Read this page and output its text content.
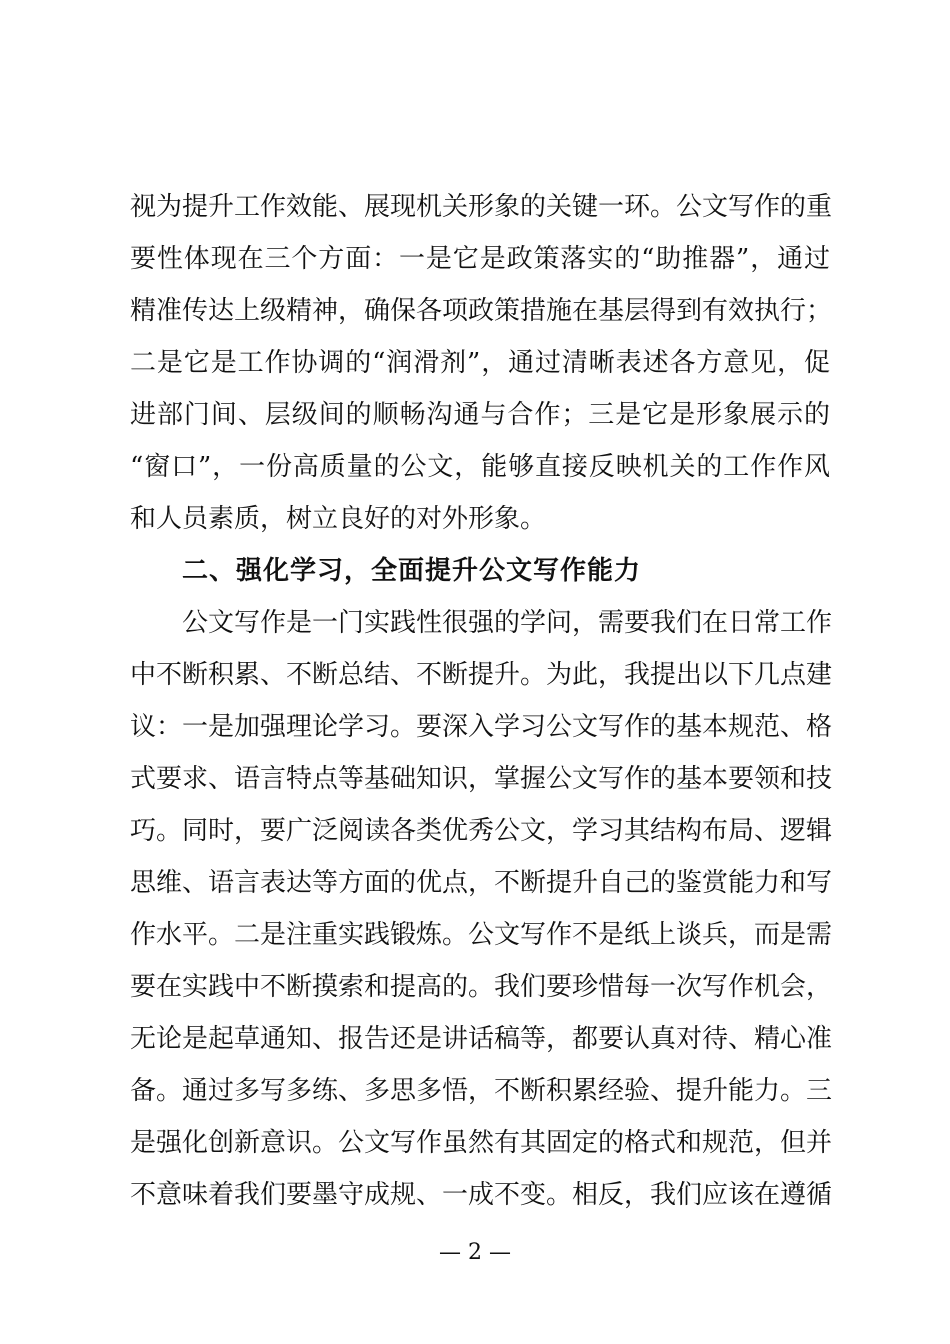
视为提升工作效能、展现机关形象的关键一环。公文写作的重
要性体现在三个方面：一是它是政策落实的“助推器”，通过
精准传达上级精神，确保各项政策措施在基层得到有效执行；
二是它是工作协调的“润滑剂”，通过清晰表述各方意见，促
进部门间、层级间的顺畅沟通与合作；三是它是形象展示的
“窗口”，一份高质量的公文，能够直接反映机关的工作作风
和人员素质，树立良好的对外形象。
二、强化学习，全面提升公文写作能力
公文写作是一门实践性很强的学问，需要我们在日常工作
中不断积累、不断总结、不断提升。为此，我提出以下几点建
议：一是加强理论学习。要深入学习公文写作的基本规范、格
式要求、语言特点等基础知识，掌握公文写作的基本要领和技
巧。同时，要广泛阅读各类优秀公文，学习其结构布局、逻辑
思维、语言表达等方面的优点，不断提升自己的鉴赏能力和写
作水平。二是注重实践锻炼。公文写作不是纸上谈兵，而是需
要在实践中不断摸索和提高的。我们要珍惜每一次写作机会，
无论是起草通知、报告还是讲话稿等，都要认真对待、精心准
备。通过多写多练、多思多悟，不断积累经验、提升能力。三
是强化创新意识。公文写作虽然有其固定的格式和规范，但并
不意味着我们要墨守成规、一成不变。相反，我们应该在遵循
— 2 —
